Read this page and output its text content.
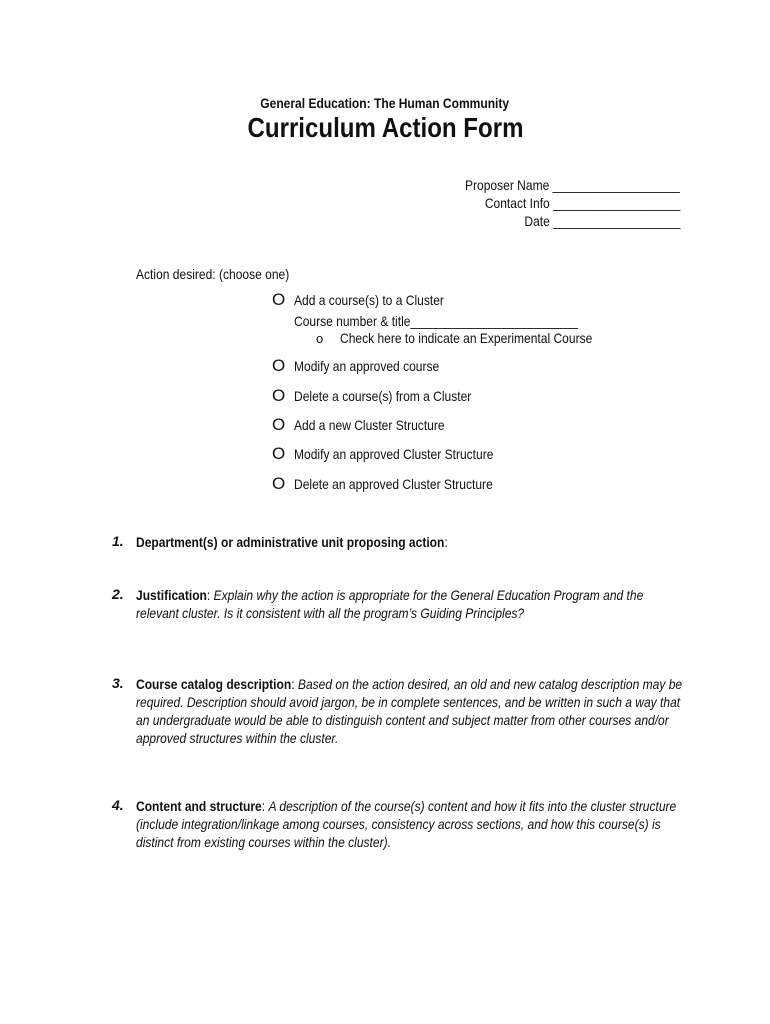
General Education: The Human Community
Curriculum Action Form
Proposer Name ___________________
Contact Info ___________________
Date ___________________
Action desired: (choose one)
O Add a course(s) to a Cluster
Course number & title_________________________
o Check here to indicate an Experimental Course
O Modify an approved course
O Delete a course(s) from a Cluster
O Add a new Cluster Structure
O Modify an approved Cluster Structure
O Delete an approved Cluster Structure
1. Department(s) or administrative unit proposing action:
2. Justification: Explain why the action is appropriate for the General Education Program and the relevant cluster. Is it consistent with all the program’s Guiding Principles?
3. Course catalog description: Based on the action desired, an old and new catalog description may be required. Description should avoid jargon, be in complete sentences, and be written in such a way that an undergraduate would be able to distinguish content and subject matter from other courses and/or approved structures within the cluster.
4. Content and structure: A description of the course(s) content and how it fits into the cluster structure (include integration/linkage among courses, consistency across sections, and how this course(s) is distinct from existing courses within the cluster).
